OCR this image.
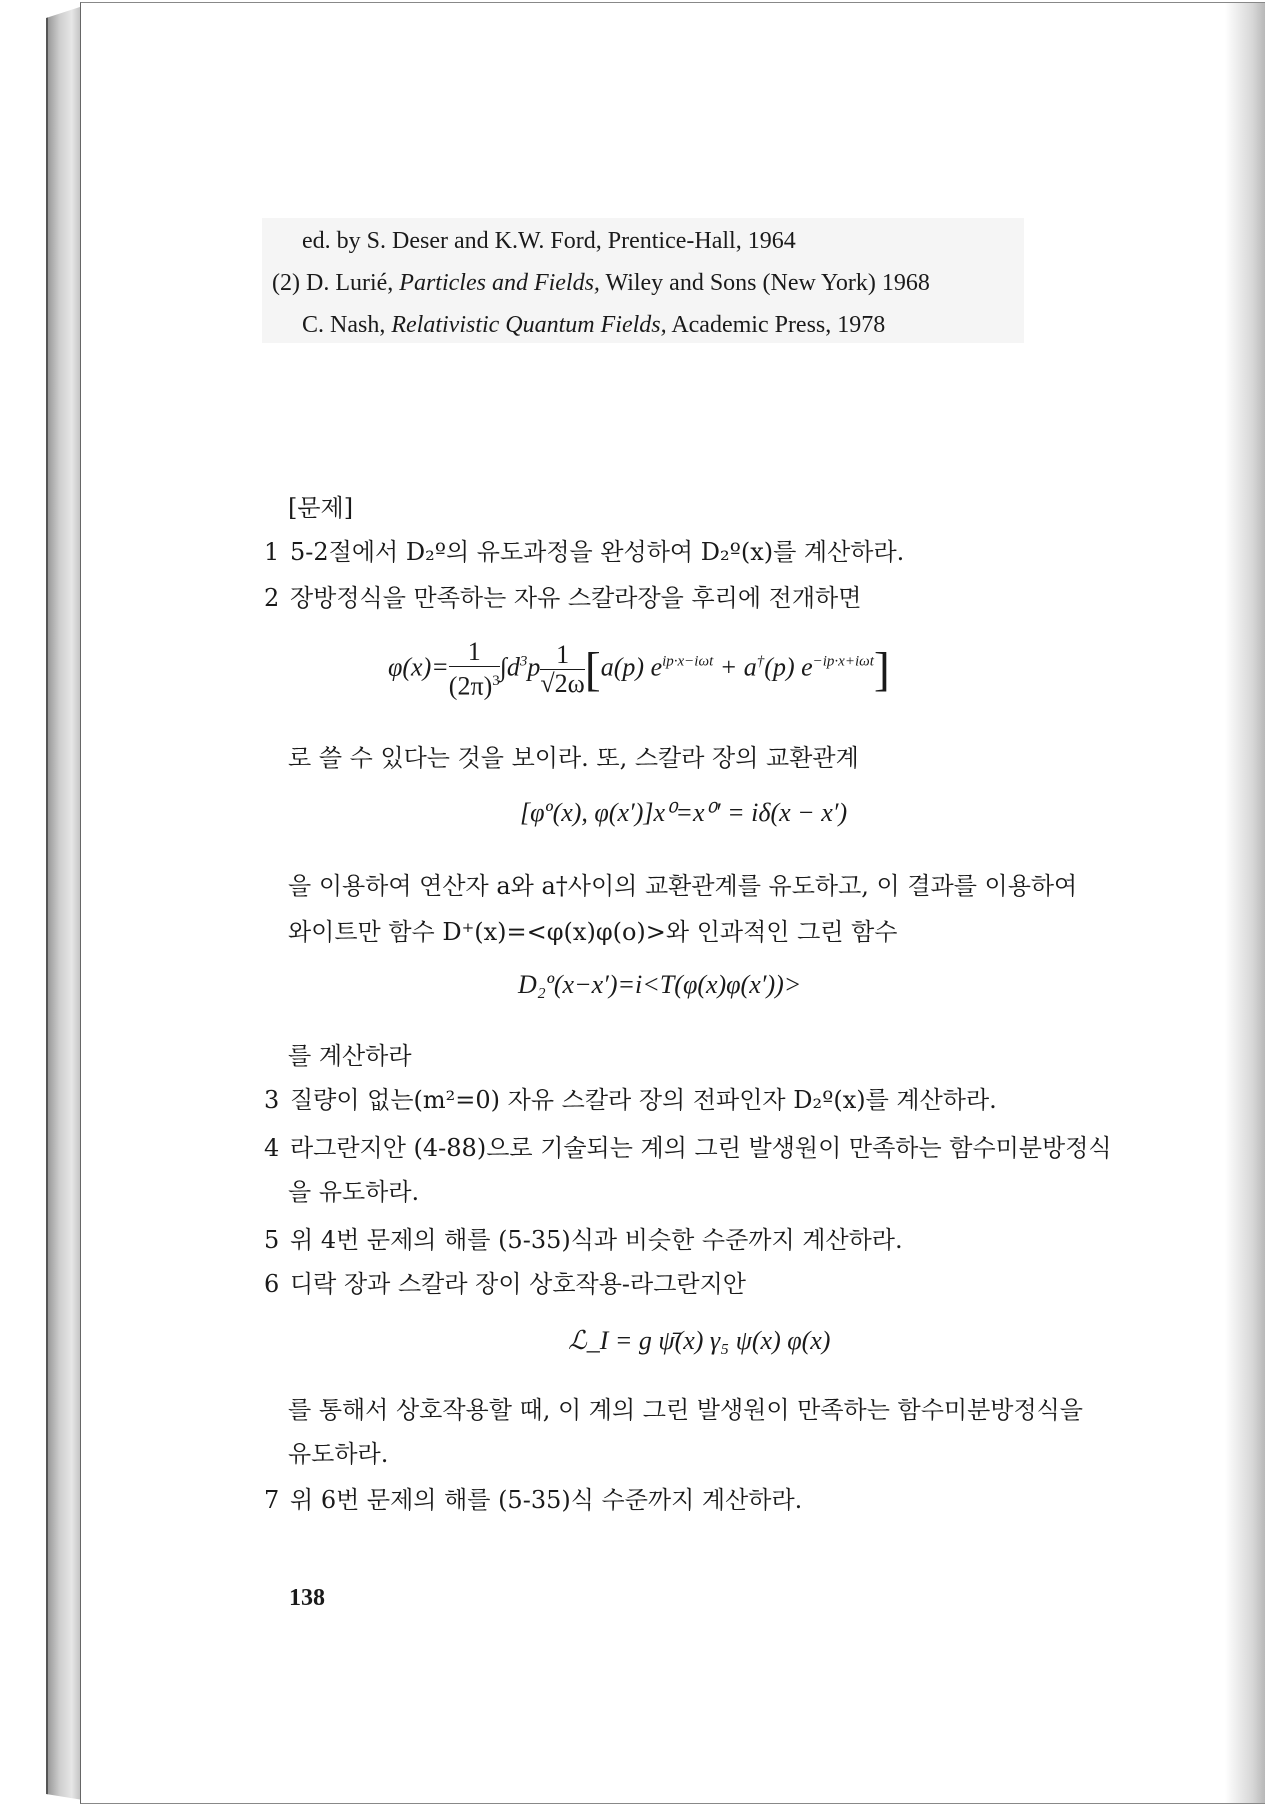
ed. by S. Deser and K.W. Ford, Prentice-Hall, 1964
(2) D. Lurié, Particles and Fields, Wiley and Sons (New York) 1968
C. Nash, Relativistic Quantum Fields, Academic Press, 1978
[문제]
1 5-2절에서 D₂º의 유도과정을 완성하여 D₂º(x)를 계산하라.
2 장방정식을 만족하는 자유 스칼라장을 후리에 전개하면
$\varphi(x)= \frac{1}{(2\pi)^3} \int d^3p \frac{1}{√2\omega} [a(p) e^{ip\cdot x-i\omega t} + a^\dagger(p)$ $e^{-ip\cdot x+i\omega t}$]
로 쓸 수 있다는 것을 보이라. 또, 스칼라 장의 교환관계
[φº(x), φ(x′)]x⁰=x⁰′ = iδ(x − x′)
을 이용하여 연산자 a와 a†사이의 교환관계를 유도하고, 이 결과를 이용하여
와이트만 함수 D⁺(x)=<φ(x)φ(o)>와 인과적인 그린 함수
D₂º(x−x′)=i<T(φ(x)φ(x′))>
를 계산하라
3 질량이 없는(m²=0) 자유 스칼라 장의 전파인자 D₂º(x)를 계산하라.
4 라그란지안 (4-88)으로 기술되는 계의 그린 발생원이 만족하는 함수미분방정식
을 유도하라.
5 위 4번 문제의 해를 (5-35)식과 비슷한 수준까지 계산하라.
6 디락 장과 스칼라 장이 상호작용-라그란지안
ℒ_I = g ψ̄(x) γ₅ ψ(x) φ(x)
를 통해서 상호작용할 때, 이 계의 그린 발생원이 만족하는 함수미분방정식을
유도하라.
7 위 6번 문제의 해를 (5-35)식 수준까지 계산하라.
138
